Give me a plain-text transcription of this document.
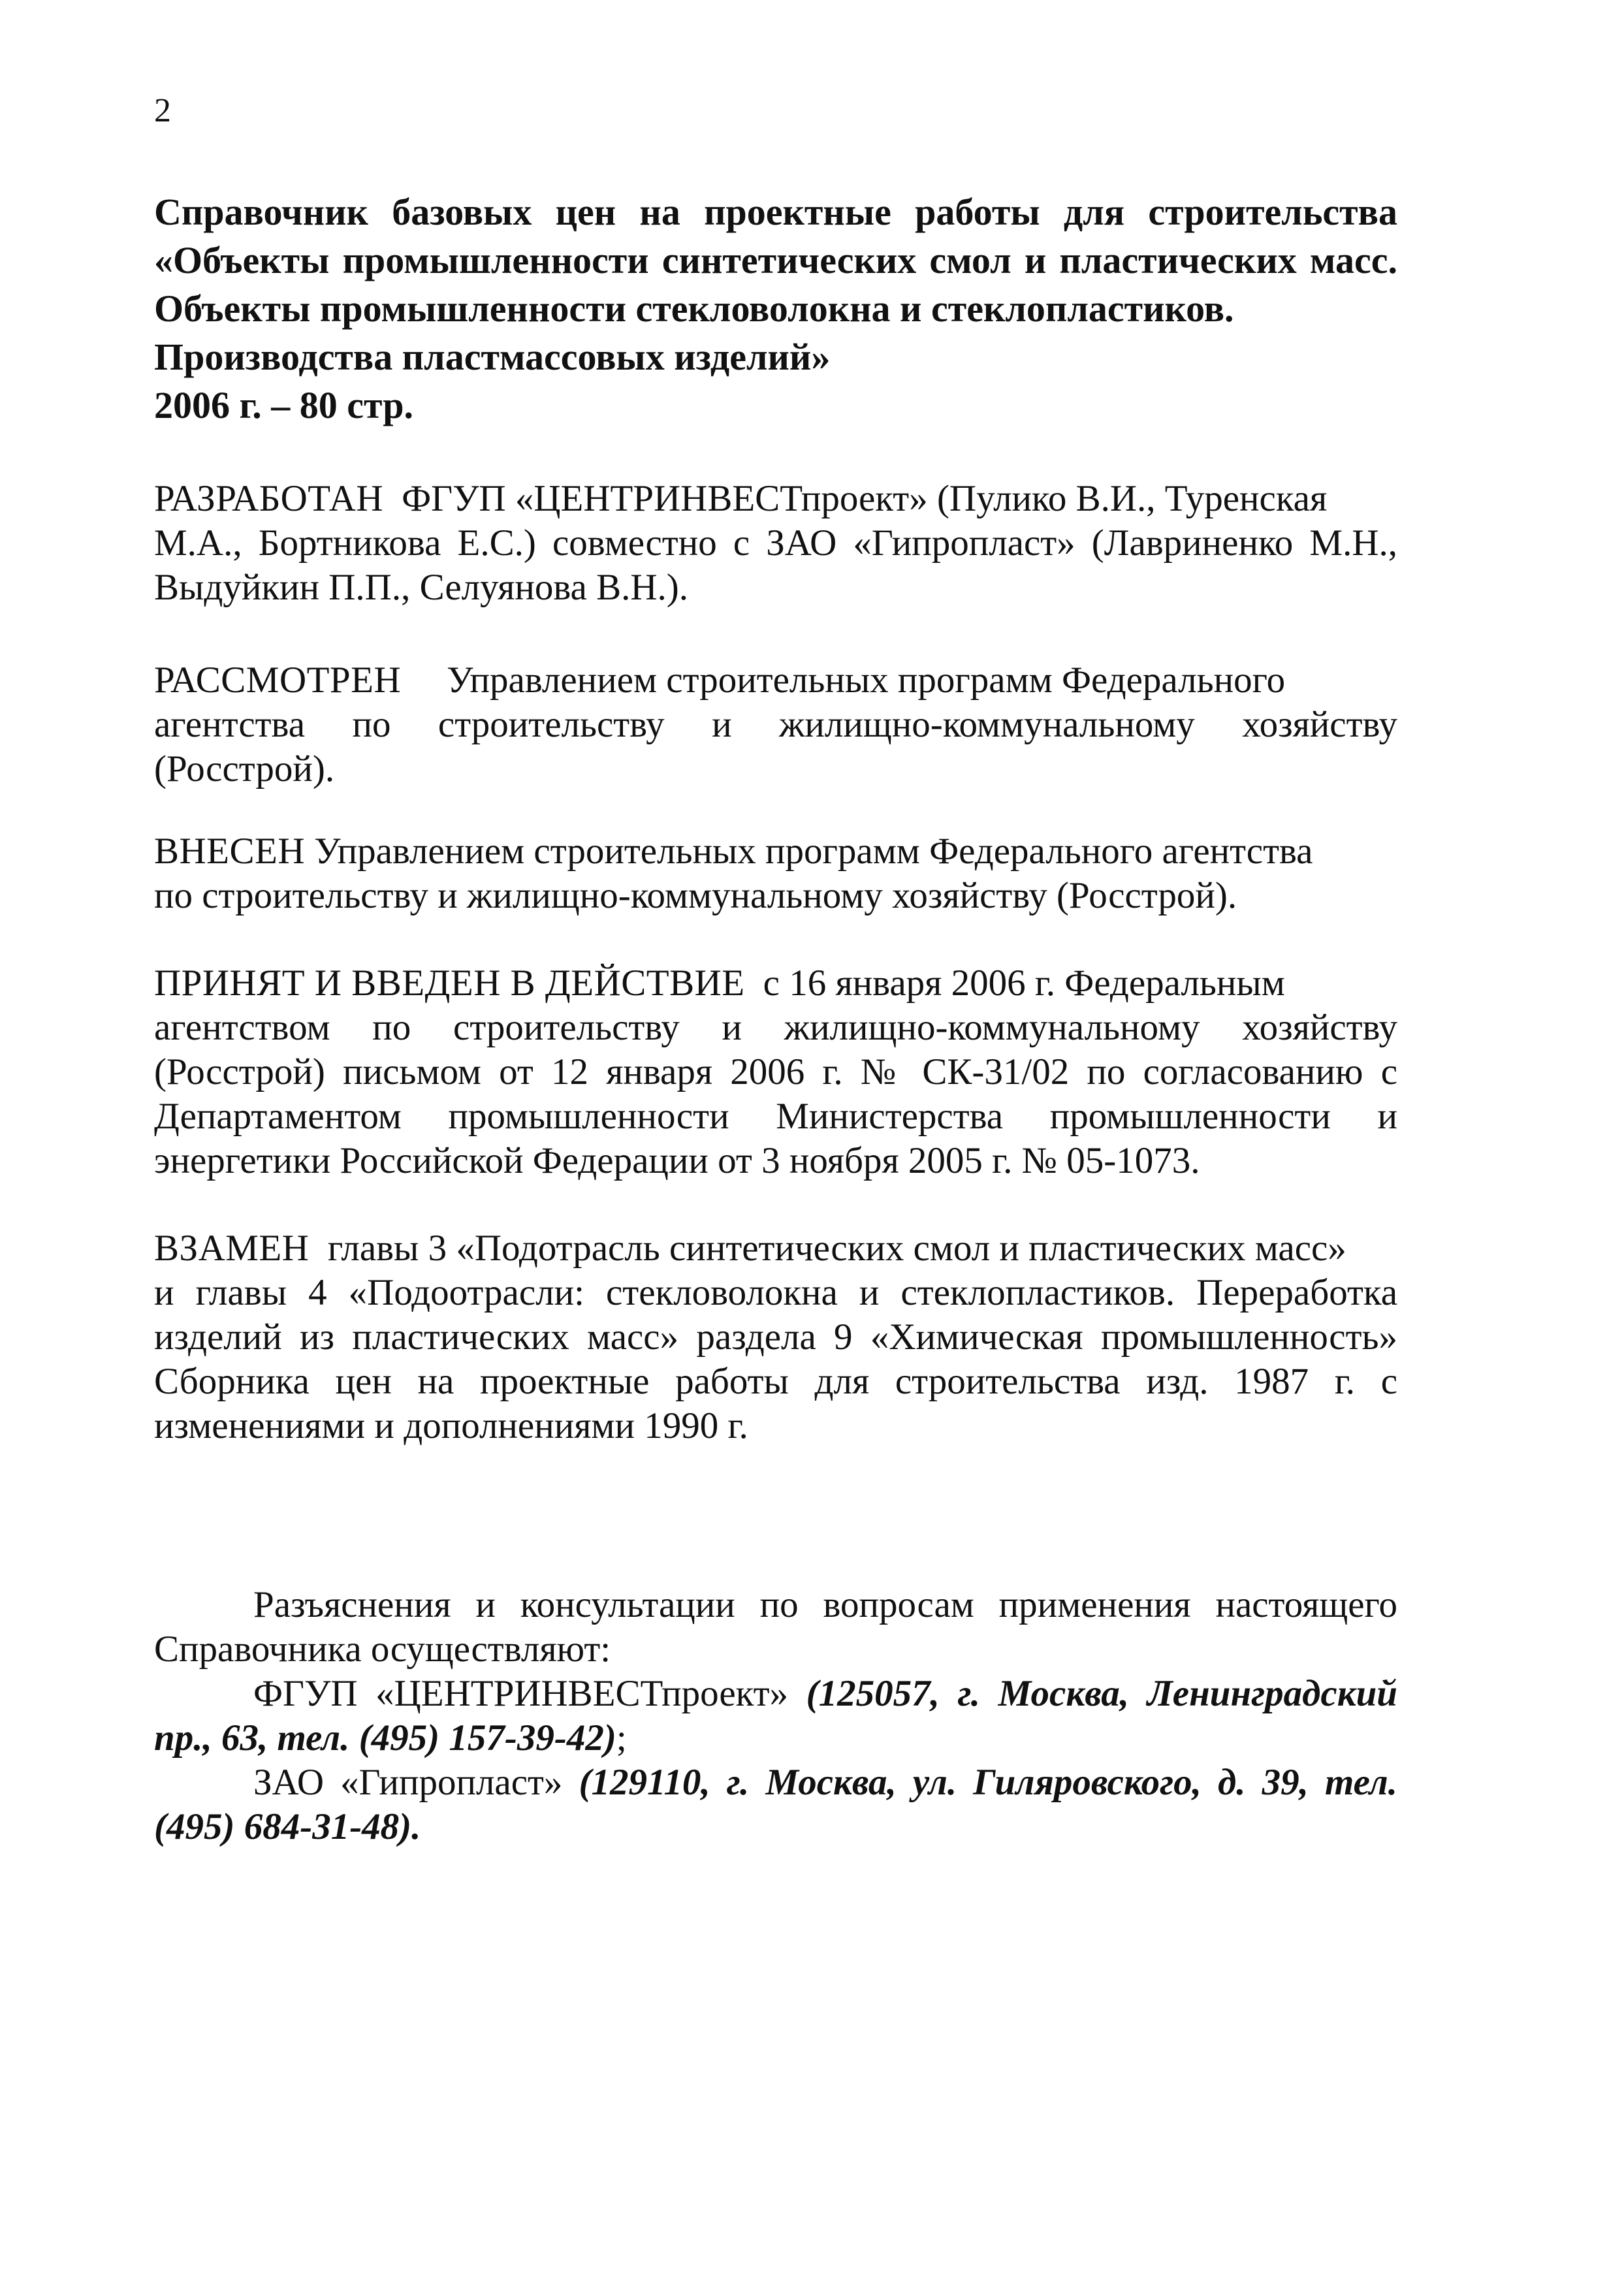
2
Справочник базовых цен на проектные работы для строительства
«Объекты промышленности синтетических смол и пластических масс.
Объекты промышленности стекловолокна и стеклопластиков.
Производства пластмассовых изделий»
2006 г. – 80 стр.
РАЗРАБОТАН ФГУП «ЦЕНТРИНВЕСТпроект» (Пулико В.И., Туренская
М.А., Бортникова Е.С.) совместно с ЗАО «Гипропласт» (Лавриненко М.Н.,
Выдуйкин П.П., Селуянова В.Н.).
РАССМОТРЕН Управлением строительных программ Федерального
агентства по строительству и жилищно-коммунальному хозяйству
(Росстрой).
ВНЕСЕН Управлением строительных программ Федерального агентства
по строительству и жилищно-коммунальному хозяйству (Росстрой).
ПРИНЯТ И ВВЕДЕН В ДЕЙСТВИЕ с 16 января 2006 г. Федеральным
агентством по строительству и жилищно-коммунальному хозяйству
(Росстрой) письмом от 12 января 2006 г. № СК-31/02 по согласованию с
Департаментом промышленности Министерства промышленности и
энергетики Российской Федерации от 3 ноября 2005 г. № 05-1073.
ВЗАМЕН главы 3 «Подотрасль синтетических смол и пластических масс»
и главы 4 «Подоотрасли: стекловолокна и стеклопластиков. Переработка
изделий из пластических масс» раздела 9 «Химическая промышленность»
Сборника цен на проектные работы для строительства изд. 1987 г. с
изменениями и дополнениями 1990 г.
Разъяснения и консультации по вопросам применения настоящего
Справочника осуществляют:
ФГУП «ЦЕНТРИНВЕСТпроект» (125057, г. Москва, Ленинградский
пр., 63, тел. (495) 157-39-42);
ЗАО «Гипропласт» (129110, г. Москва, ул. Гиляровского, д. 39, тел.
(495) 684-31-48).
